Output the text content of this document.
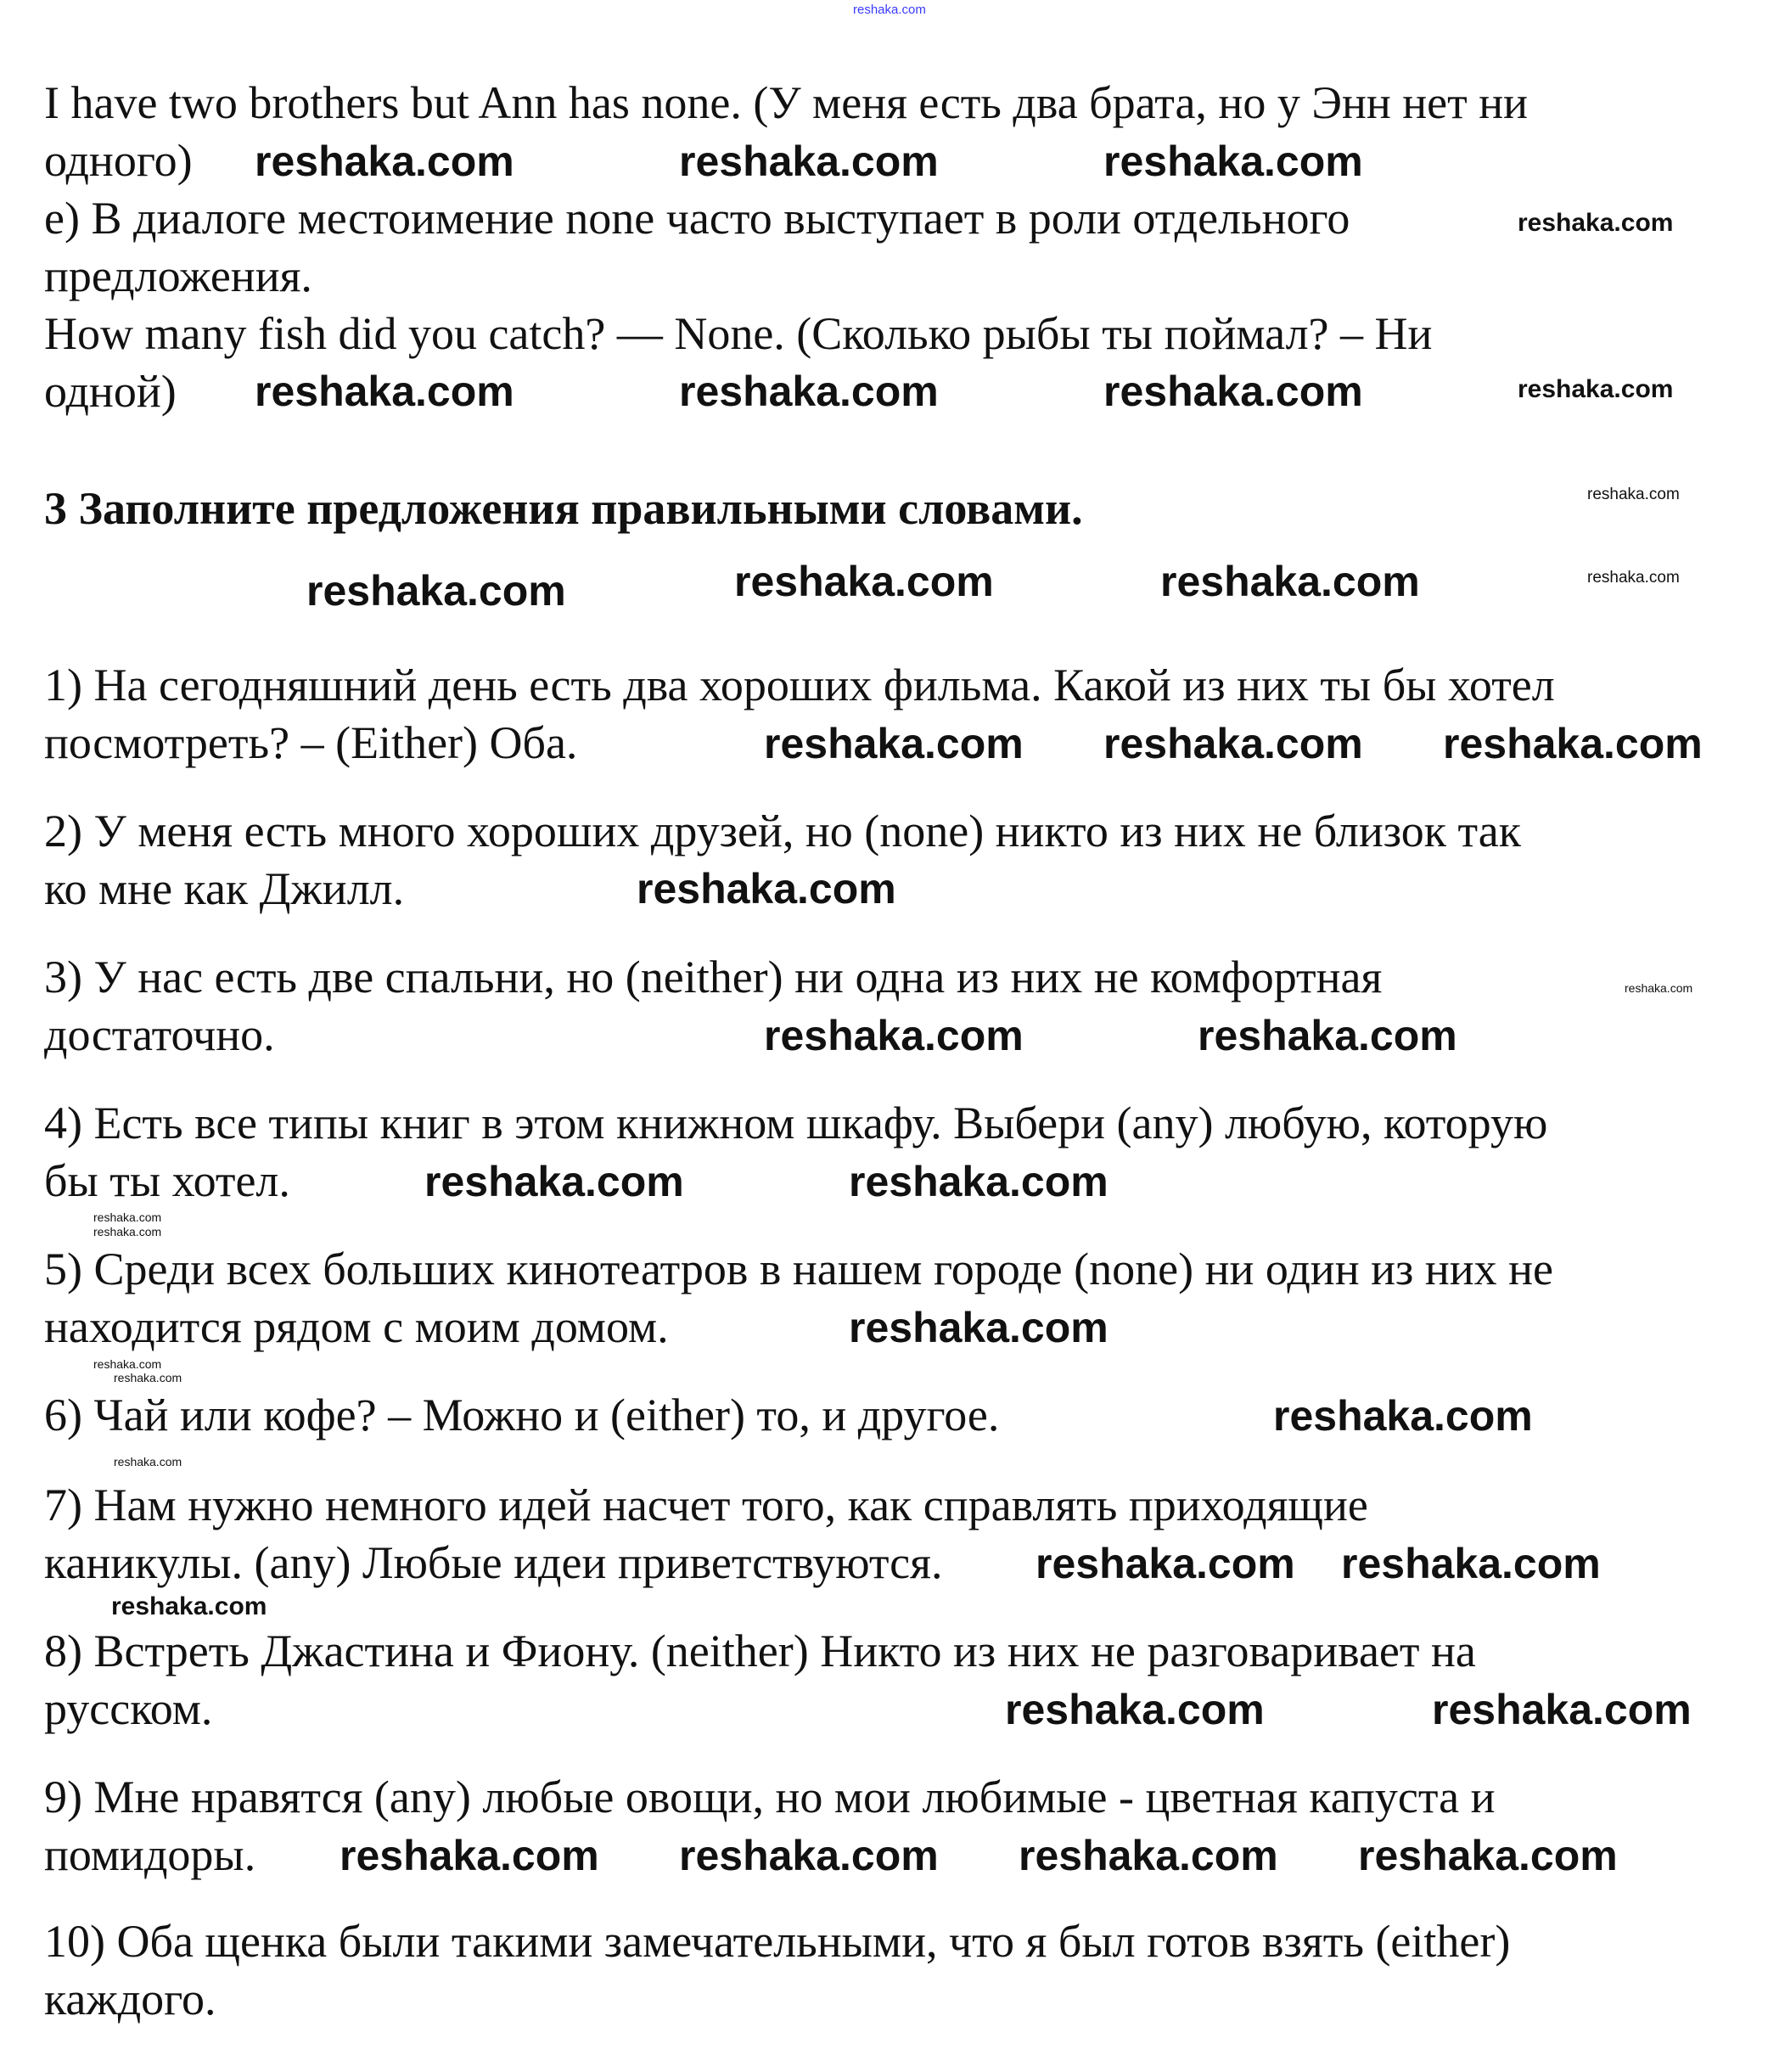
I have two brothers but Ann has none. (У меня есть два брата, но у Энн нет ни
одного)
e) В диалоге местоимение none часто выступает в роли отдельного
предложения.
How many fish did you catch? — None. (Сколько рыбы ты поймал? – Ни
одной)
3 Заполните предложения правильными словами.
1) На сегодняшний день есть два хороших фильма. Какой из них ты бы хотел
посмотреть? – (Either) Оба.
2) У меня есть много хороших друзей, но (none) никто из них не близок так
ко мне как Джилл.
3) У нас есть две спальни, но (neither) ни одна из них не комфортная
достаточно.
4) Есть все типы книг в этом книжном шкафу. Выбери (any) любую, которую
бы ты хотел.
5) Среди всех больших кинотеатров в нашем городе (none) ни один из них не
находится рядом с моим домом.
6) Чай или кофе? – Можно и (either) то, и другое.
7) Нам нужно немного идей насчет того, как справлять приходящие
каникулы. (any) Любые идеи приветствуются.
8) Встреть Джастина и Фиону. (neither) Никто из них не разговаривает на
русском.
9) Мне нравятся (any) любые овощи, но мои любимые - цветная капуста и
помидоры.
10) Оба щенка были такими замечательными, что я был готов взять (either)
каждого.
reshaka.com
reshaka.com	reshaka.com	reshaka.com
reshaka.com	reshaka.com	reshaka.com
reshaka.com	reshaka.com	reshaka.com
reshaka.com reshaka.com reshaka.com
reshaka.com
reshaka.com
reshaka.com
reshaka.com	reshaka.com
reshaka.com
reshaka.com
reshaka.com
reshaka.com
reshaka.com	reshaka.com
reshaka.com
reshaka.com	reshaka.com reshaka.com
reshaka.com
reshaka.com
reshaka.com
reshaka.com
reshaka.com
reshaka.com
reshaka.com
reshaka.com
reshaka.com
reshaka.com
reshaka.com
